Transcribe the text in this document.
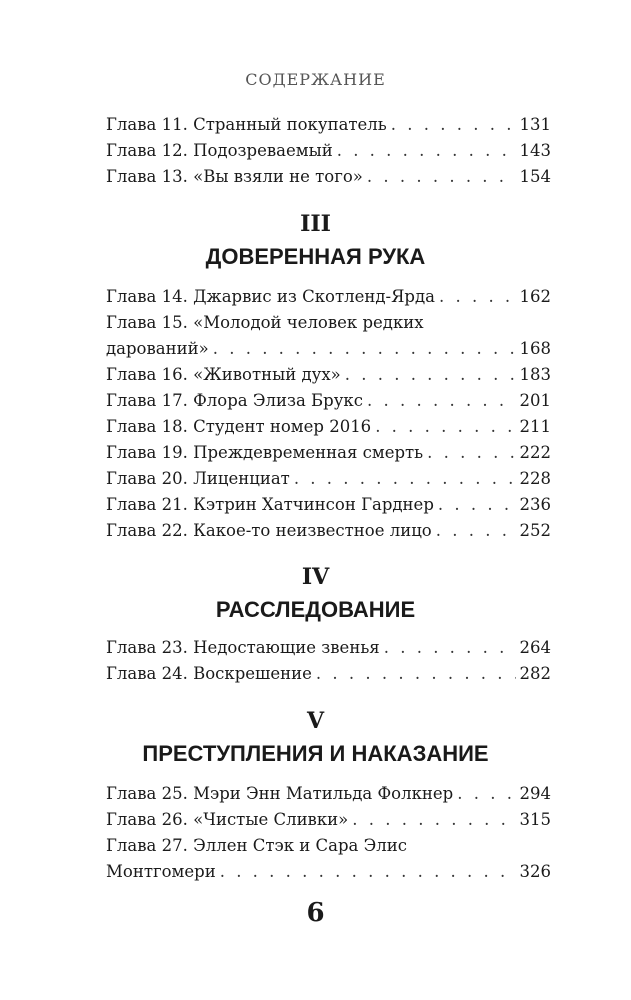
СОДЕРЖАНИЕ
Глава 11. Странный покупатель . . .	131
Глава 12. Подозреваемый . . .	143
Глава 13. «Вы взяли не того» . . .	154
III
ДОВЕРЕННАЯ РУКА
Глава 14. Джарвис из Скотленд-Ярда . . .	162
Глава 15. «Молодой человек редких
дарований» . . .	168
Глава 16. «Животный дух» . . .	183
Глава 17. Флора Элиза Брукс . . .	201
Глава 18. Студент номер 2016 . . .	211
Глава 19. Преждевременная смерть . . .	222
Глава 20. Лиценциат . . .	228
Глава 21. Кэтрин Хатчинсон Гарднер . . .	236
Глава 22. Какое-то неизвестное лицо . . .	252
IV
РАССЛЕДОВАНИЕ
Глава 23. Недостающие звенья . . .	264
Глава 24. Воскрешение . . .	282
V
ПРЕСТУПЛЕНИЯ И НАКАЗАНИЕ
Глава 25. Мэри Энн Матильда Фолкнер . . .	294
Глава 26. «Чистые Сливки» . . .	315
Глава 27. Эллен Стэк и Сара Элис
Монтгомери . . .	326
6
